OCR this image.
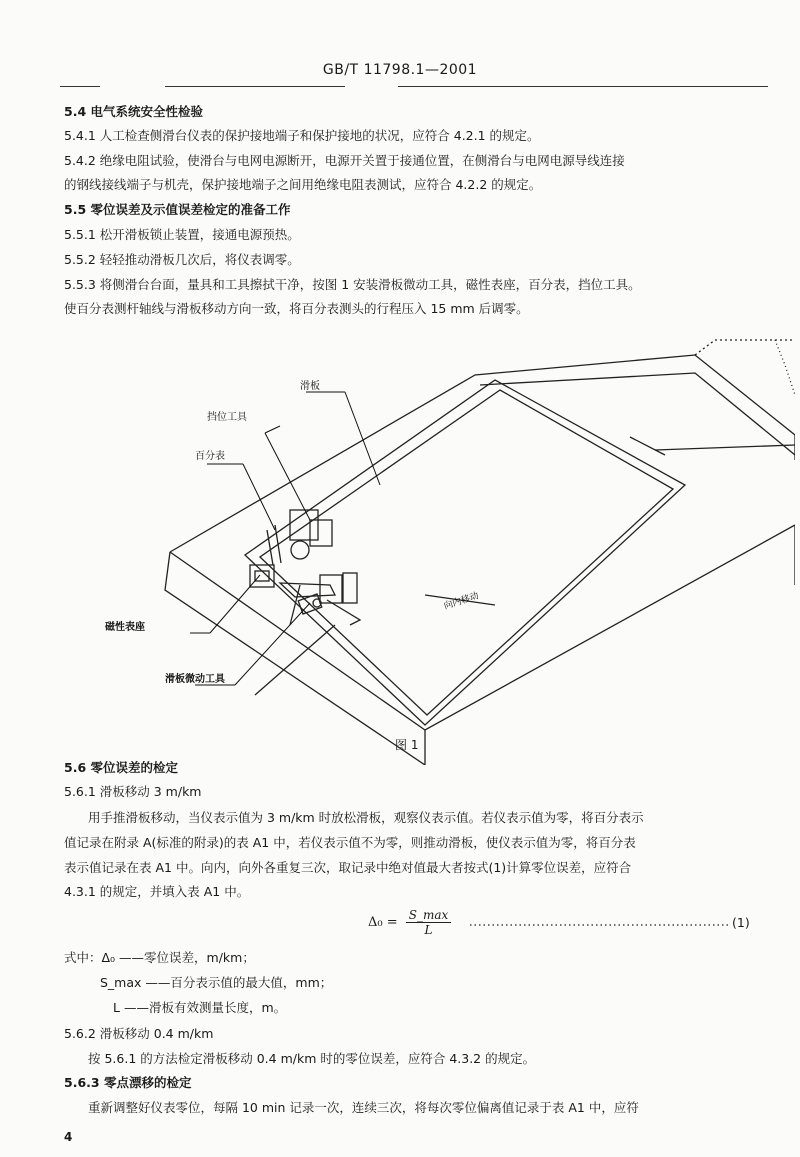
GB/T 11798.1—2001
5.4 电气系统安全性检验
5.4.1 人工检查侧滑台仪表的保护接地端子和保护接地的状况，应符合 4.2.1 的规定。
5.4.2 绝缘电阻试验，使滑台与电网电源断开，电源开关置于接通位置，在侧滑台与电网电源导线连接
的钢线接线端子与机壳，保护接地端子之间用绝缘电阻表测试，应符合 4.2.2 的规定。
5.5 零位误差及示值误差检定的准备工作
5.5.1 松开滑板锁止装置，接通电源预热。
5.5.2 轻轻推动滑板几次后，将仪表调零。
5.5.3 将侧滑台台面，量具和工具擦拭干净，按图 1 安装滑板微动工具，磁性表座，百分表，挡位工具。
使百分表测杆轴线与滑板移动方向一致，将百分表测头的行程压入 15 mm 后调零。
挡位工具
百分表
滑板
磁性表座
滑板微动工具
向内移动
图 1
5.6 零位误差的检定
5.6.1 滑板移动 3 m/km
用手推滑板移动，当仪表示值为 3 m/km 时放松滑板，观察仪表示值。若仪表示值为零，将百分表示
值记录在附录 A(标准的附录)的表 A1 中，若仪表示值不为零，则推动滑板，使仪表示值为零，将百分表
表示值记录在表 A1 中。向内，向外各重复三次，取记录中绝对值最大者按式(1)计算零位误差，应符合
4.3.1 的规定，并填入表 A1 中。
Δ₀ = S_max
L	(1)
式中：Δ₀ ——零位误差，m/km；
S_max ——百分表示值的最大值，mm；
L ——滑板有效测量长度，m。
5.6.2 滑板移动 0.4 m/km
按 5.6.1 的方法检定滑板移动 0.4 m/km 时的零位误差，应符合 4.3.2 的规定。
5.6.3 零点漂移的检定
重新调整好仪表零位，每隔 10 min 记录一次，连续三次，将每次零位偏离值记录于表 A1 中，应符
4
